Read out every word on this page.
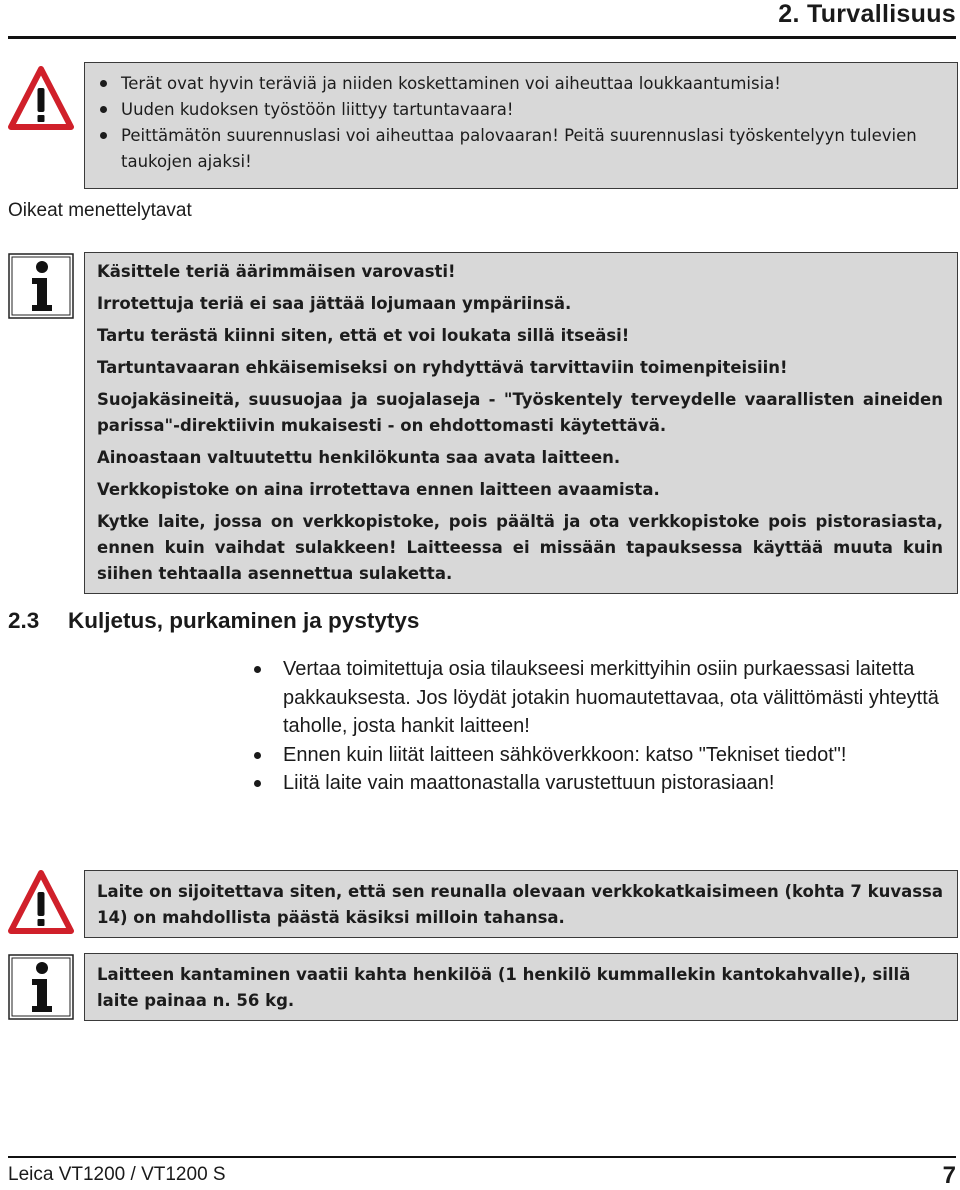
2. Turvallisuus
Terät ovat hyvin teräviä ja niiden koskettaminen voi aiheuttaa loukkaantumisia!
Uuden kudoksen työstöön liittyy tartuntavaara!
Peittämätön suurennuslasi voi aiheuttaa palovaaran! Peitä suurennuslasi työskentelyyn tulevien taukojen ajaksi!
Oikeat menettelytavat

Käsittele teriä äärimmäisen varovasti!

Irrotettuja teriä ei saa jättää lojumaan ympäriinsä.

Tartu terästä kiinni siten, että et voi loukata sillä itseäsi!

Tartuntavaaran ehkäisemiseksi on ryhdyttävä tarvittaviin toimenpiteisiin!

Suojakäsineitä, suusuojaa ja suojalaseja - "Työskentely terveydelle vaarallisten aineiden parissa"-direktiivin mukaisesti - on ehdottomasti käytettävä.

Ainoastaan valtuutettu henkilökunta saa avata laitteen.

Verkkopistoke on aina irrotettava ennen laitteen avaamista.

Kytke laite, jossa on verkkopistoke, pois päältä ja ota verkkopistoke pois pistorasiasta, ennen kuin vaihdat sulakkeen! Laitteessa ei missään tapauksessa käyttää muuta kuin siihen tehtaalla asennettua sulaketta.

2.3 Kuljetus, purkaminen ja pystytys
Vertaa toimitettuja osia tilaukseesi merkittyihin osiin purkaessasi laitetta pakkauksesta. Jos löydät jotakin huomautettavaa, ota välittömästi yhteyttä taholle, josta hankit laitteen!
Ennen kuin liität laitteen sähköverkkoon: katso "Tekniset tiedot"!
Liitä laite vain maattonastalla varustettuun pistorasiaan!

Laite on sijoitettava siten, että sen reunalla olevaan verkkokatkaisimeen (kohta 7 kuvassa 14) on mahdollista päästä käsiksi milloin tahansa.

Laitteen kantaminen vaatii kahta henkilöä (1 henkilö kummallekin kantokahvalle), sillä laite painaa n. 56 kg.

Leica VT1200 / VT1200 S	7
